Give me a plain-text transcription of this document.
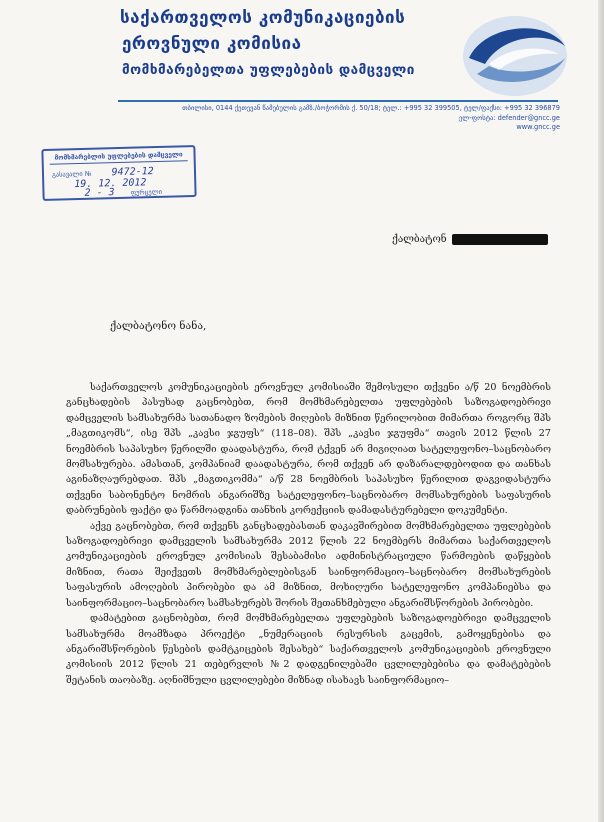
საქართველოს კომუნიკაციების
ეროვნული კომისია
მომხმარებელთა უფლებების დამცველი
თბილისი, 0144 ქეთევან წამებულის გამზ./ბოჭორმის ქ. 50/18; ტელ.: +995 32 399505, ტელ/ფაქსი: +995 32 396879
ელ-ფოსტა: defender@gncc.ge
www.gncc.ge
მომხმარებლის უფლებების დამცველი
გასავალი № 9472-12
19. 12. 2012
2 - 3 ფურცელი
ქალბატონ
ქალბატონო ნანა,

საქართველოს კომუნიკაციების ეროვნულ კომისიაში შემოსული თქვენი ა/წ 20 ნოემბრის განცხადების პასუხად გაცნობებთ, რომ მომხმარებელთა უფლებების საზოგადოებრივი დამცველის სამსახურმა სათანადო ზომების მიღების მიზნით წერილობით მიმართა როგორც შპს „მაგთიკომს“, ისე შპს „კავსი ჯგუფს“ (118–08). შპს „კავსი ჯგუფმა“ თავის 2012 წლის 27 ნოემბრის საპასუხო წერილში დაადასტურა, რომ ტქვენ არ მიგიღიათ სატელეფონო–საცნობარო მომსახურება. ამასთან, კომპანიამ დაადასტურა, რომ თქვენ არ დაზარალდებოდით და თანხას აგინაზღაურებდათ. შპს „მაგთიკომმა“ ა/წ 28 ნოემბრის საპასუხო წერილით დაგვიდასტურა თქვენი საბონენტო ნომრის ანგარიშზე სატელეფონო–საცნობარო მომსახურების საფასურის დაბრუნების ფაქტი და წარმოადგინა თანხის კორექციის დამადასტურებელი დოკუმენტი.

აქვე გაცნობებთ, რომ თქვენს განცხადებასთან დაკავშირებით მომხმარებელთა უფლებების საზოგადოებრივი დამცველის სამსახურმა 2012 წლის 22 ნოემბერს მიმართა საქართველოს კომუნიკაციების ეროვნულ კომისიას შესაბამისი ადმინისტრაციული წარმოების დაწყების მიზნით, რათა შეიქვეთს მომხმარებლებისგან საინფორმაციო–საცნობარო მომსახურების საფასურის ამოღების პირობები და ამ მიზნით, მოხიღური სატელეფონო კომპანიებსა და საინფორმაციო–საცნობარო სამსახურებს შორის შეთანხმებული ანგარიშსწორების პირობები.

დამატებით გაცნობებთ, რომ მომხმარებელთა უფლებების საზოგადოებრივი დამცველის სამსახურმა მოამზადა პროექტი „ნუმერაციის რესურსის გაცემის, გამოყენებისა და ანგარიშსწორების წესების დამტკიცების შესახებ“ საქართველოს კომუნიკაციების ეროვნული კომისიის 2012 წლის 21 თებერვლის №2 დადგენილებაში ცვლილებებისა და დამატებების შეტანის თაობაზე. აღნიშნული ცვლილებები მიზნად ისახავს საინფორმაციო–
